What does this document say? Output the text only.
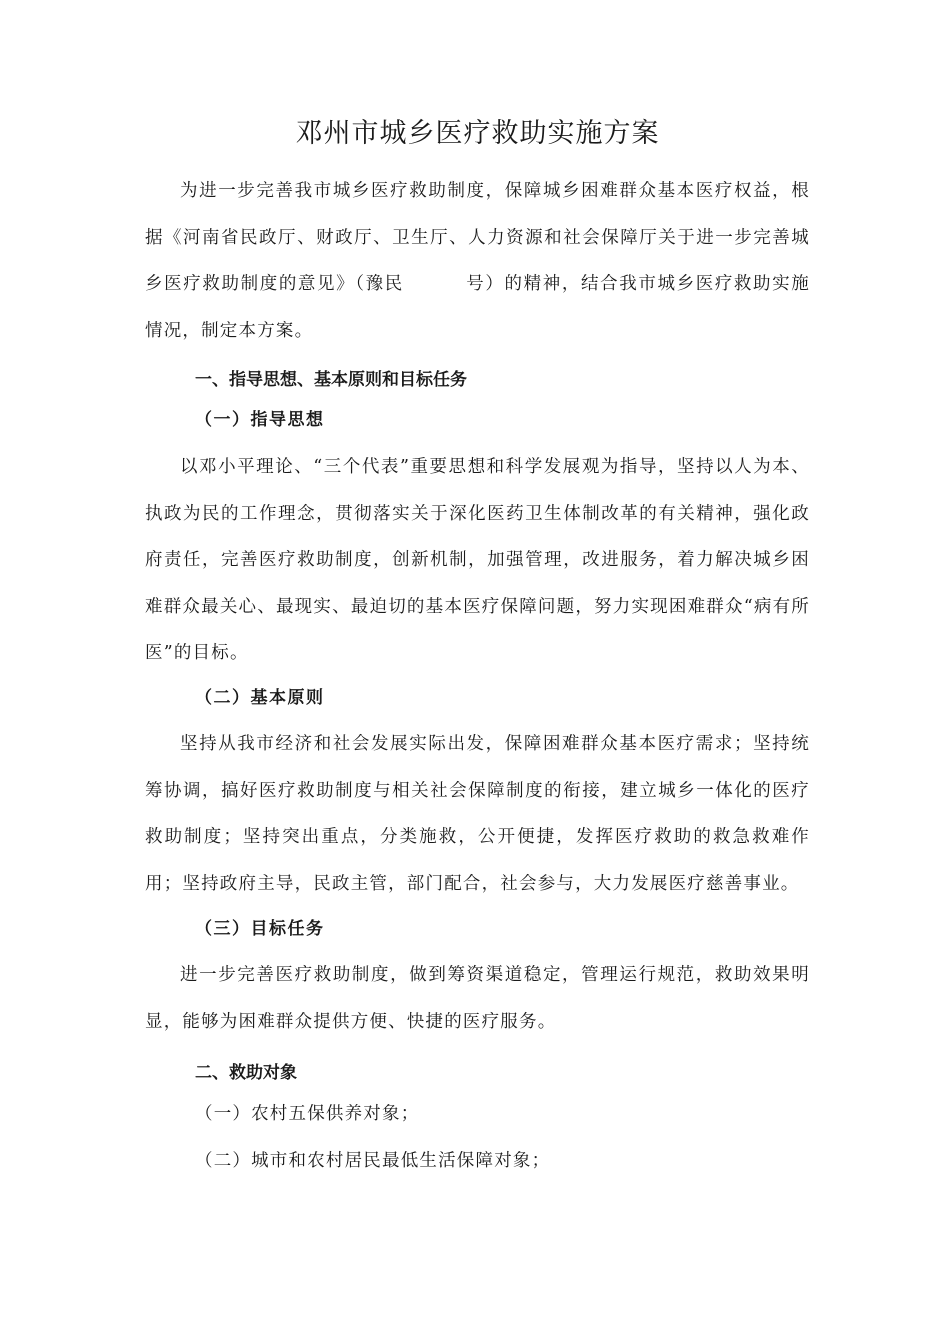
邓州市城乡医疗救助实施方案

为进一步完善我市城乡医疗救助制度，保障城乡困难群众基本医疗权益，根据《河南省民政厅、财政厅、卫生厅、人力资源和社会保障厅关于进一步完善城乡医疗救助制度的意见》（豫民	号）的精神，结合我市城乡医疗救助实施情况，制定本方案。

一、指导思想、基本原则和目标任务
（一）指导思想

以邓小平理论、“三个代表”重要思想和科学发展观为指导，坚持以人为本、执政为民的工作理念，贯彻落实关于深化医药卫生体制改革的有关精神，强化政府责任，完善医疗救助制度，创新机制，加强管理，改进服务，着力解决城乡困难群众最关心、最现实、最迫切的基本医疗保障问题，努力实现困难群众“病有所医”的目标。

（二）基本原则

坚持从我市经济和社会发展实际出发，保障困难群众基本医疗需求；坚持统筹协调，搞好医疗救助制度与相关社会保障制度的衔接，建立城乡一体化的医疗救助制度；坚持突出重点，分类施救，公开便捷，发挥医疗救助的救急救难作用；坚持政府主导，民政主管，部门配合，社会参与，大力发展医疗慈善事业。

（三）目标任务

进一步完善医疗救助制度，做到筹资渠道稳定，管理运行规范，救助效果明显，能够为困难群众提供方便、快捷的医疗服务。

二、救助对象

（一）农村五保供养对象；

（二）城市和农村居民最低生活保障对象；
